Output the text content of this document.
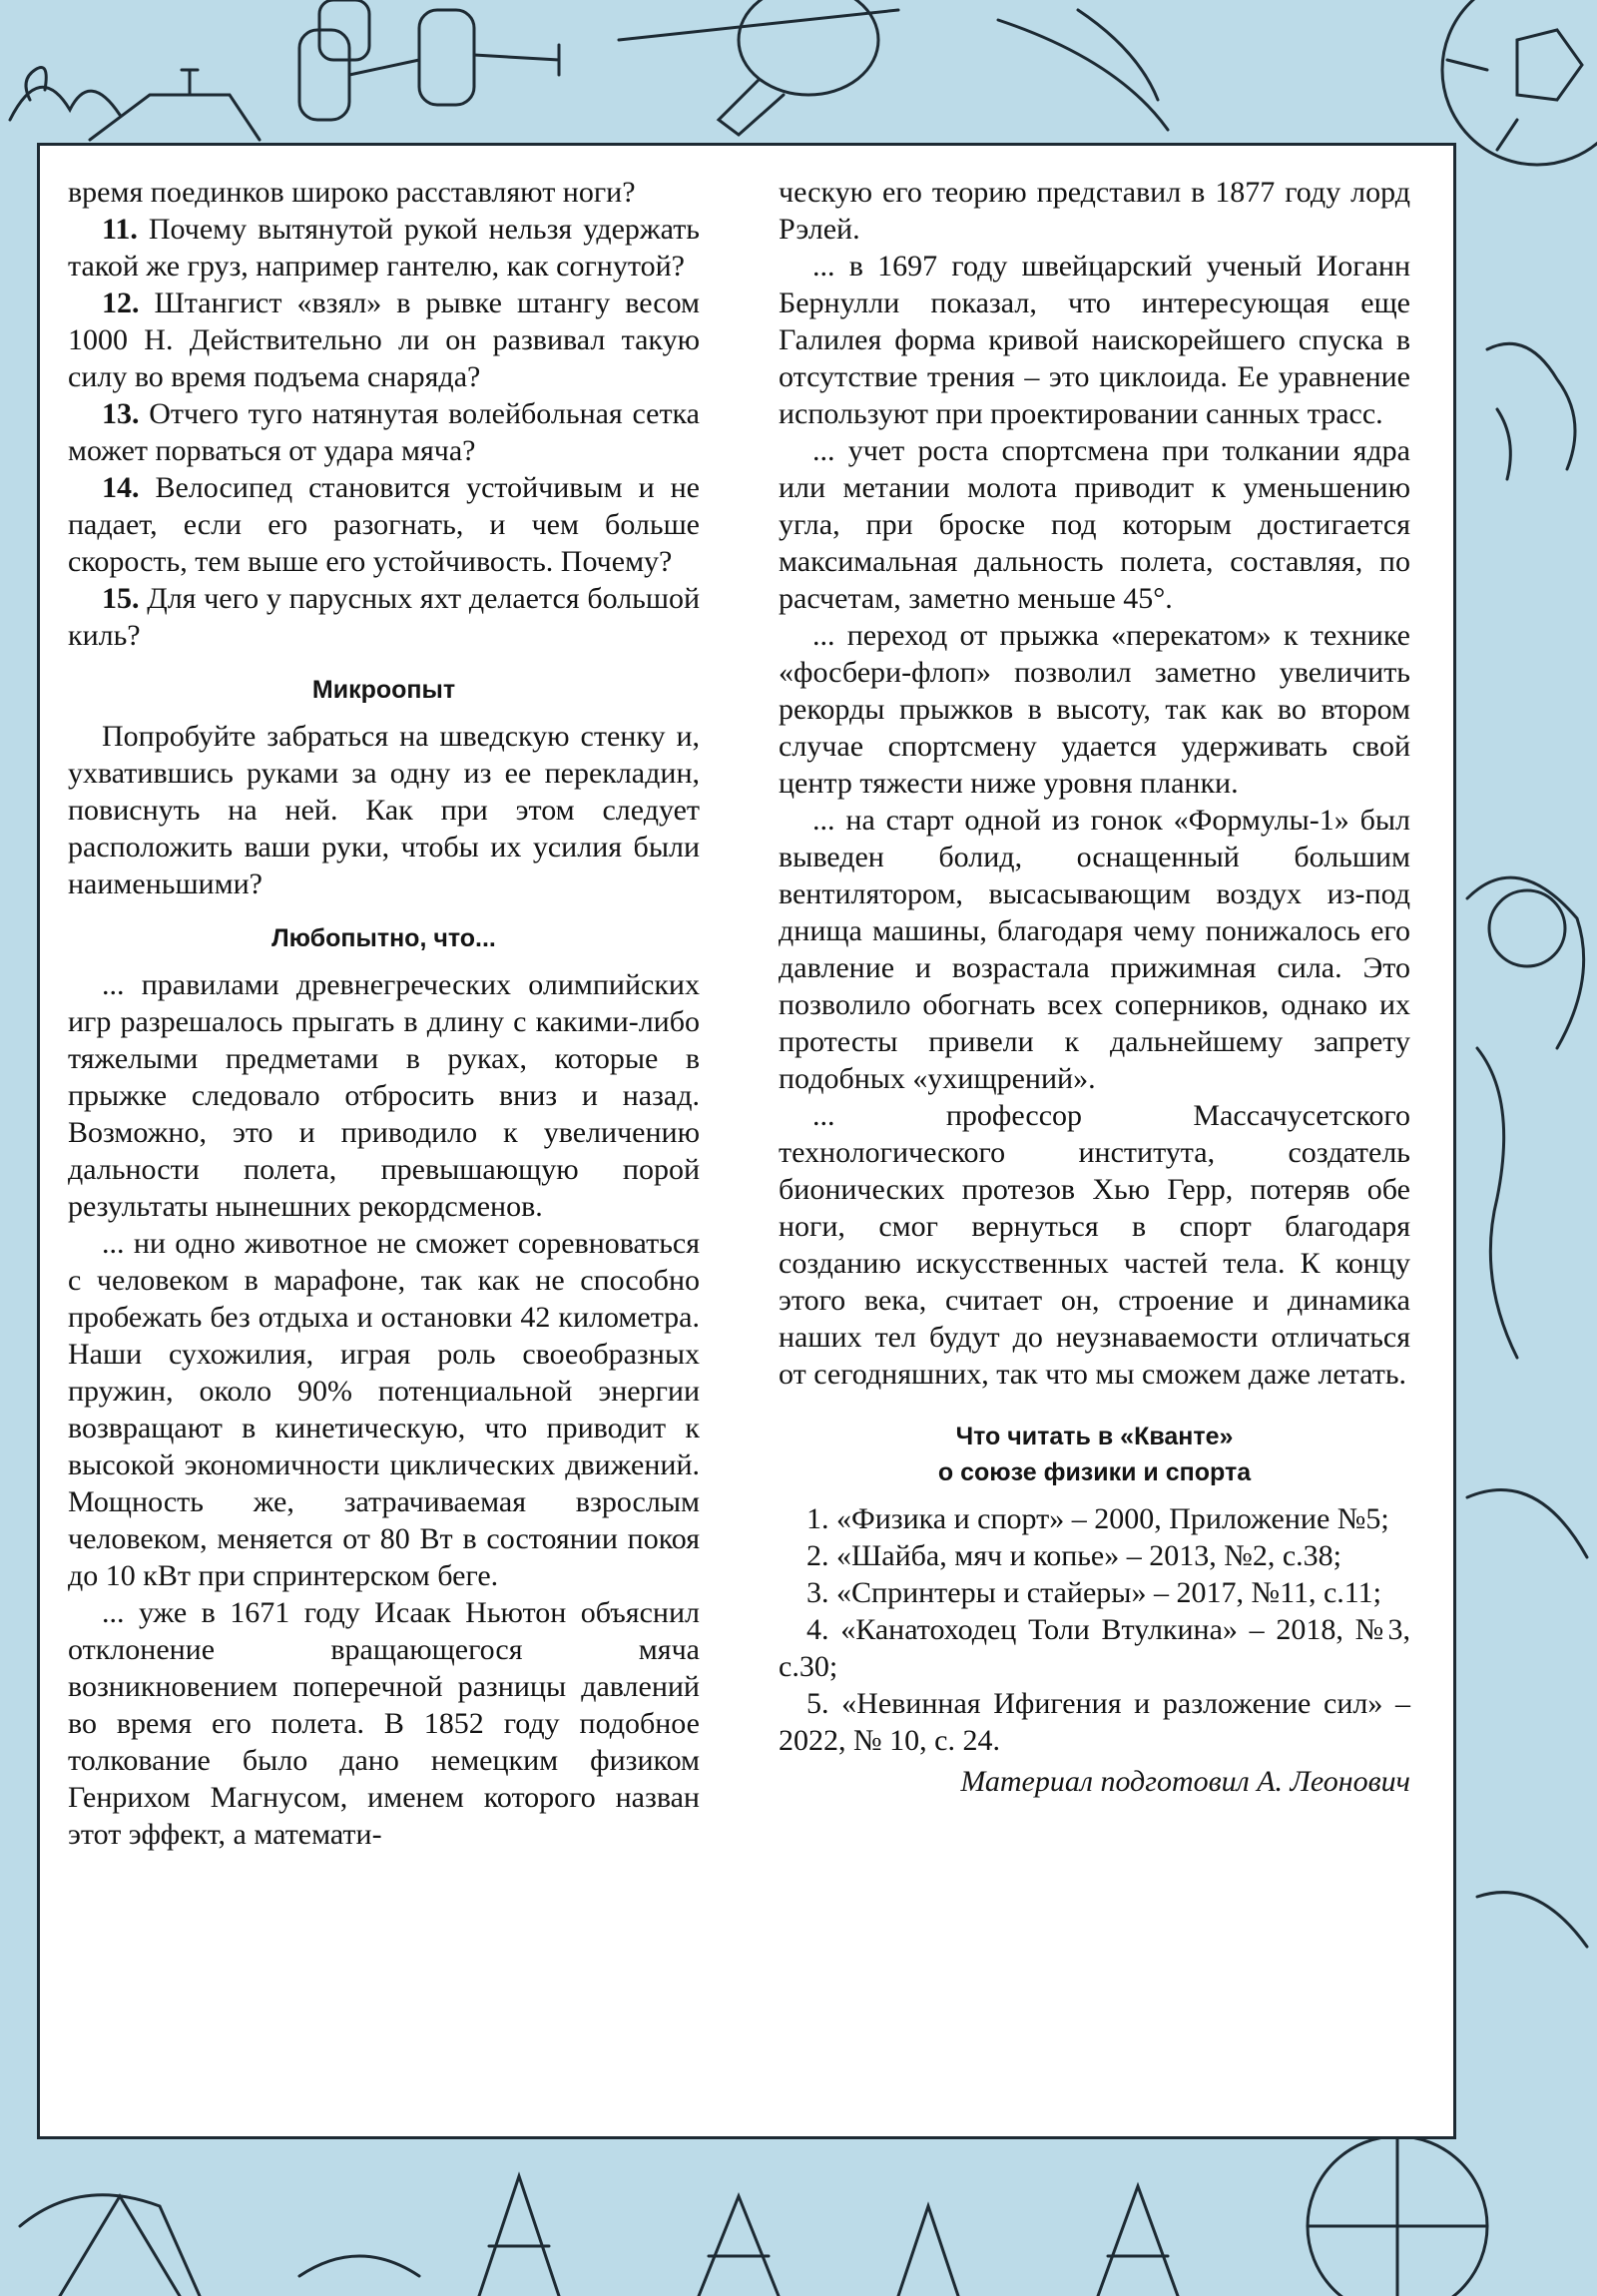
время поединков широко расставляют ноги?

11. Почему вытянутой рукой нельзя удержать такой же груз, например гантелю, как согнутой?

12. Штангист «взял» в рывке штангу весом 1000 Н. Действительно ли он развивал такую силу во время подъема снаряда?

13. Отчего туго натянутая волейбольная сетка может порваться от удара мяча?

14. Велосипед становится устойчивым и не падает, если его разогнать, и чем больше скорость, тем выше его устойчивость. Почему?

15. Для чего у парусных яхт делается большой киль?

Микроопыт

Попробуйте забраться на шведскую стенку и, ухватившись руками за одну из ее перекладин, повиснуть на ней. Как при этом следует расположить ваши руки, чтобы их усилия были наименьшими?

Любопытно, что...

... правилами древнегреческих олимпийских игр разрешалось прыгать в длину с какими-либо тяжелыми предметами в руках, которые в прыжке следовало отбросить вниз и назад. Возможно, это и приводило к увеличению дальности полета, превышающую порой результаты нынешних рекордсменов.

... ни одно животное не сможет соревноваться с человеком в марафоне, так как не способно пробежать без отдыха и остановки 42 километра. Наши сухожилия, играя роль своеобразных пружин, около 90% потенциальной энергии возвращают в кинетическую, что приводит к высокой экономичности циклических движений. Мощность же, затрачиваемая взрослым человеком, меняется от 80 Вт в состоянии покоя до 10 кВт при спринтерском беге.

... уже в 1671 году Исаак Ньютон объяснил отклонение вращающегося мяча возникновением поперечной разницы давлений во время его полета. В 1852 году подобное толкование было дано немецким физиком Генрихом Магнусом, именем которого назван этот эффект, а математи-

ческую его теорию представил в 1877 году лорд Рэлей.

... в 1697 году швейцарский ученый Иоганн Бернулли показал, что интересующая еще Галилея форма кривой наискорейшего спуска в отсутствие трения – это циклоида. Ее уравнение используют при проектировании санных трасс.

... учет роста спортсмена при толкании ядра или метании молота приводит к уменьшению угла, при броске под которым достигается максимальная дальность полета, составляя, по расчетам, заметно меньше 45°.

... переход от прыжка «перекатом» к технике «фосбери-флоп» позволил заметно увеличить рекорды прыжков в высоту, так как во втором случае спортсмену удается удерживать свой центр тяжести ниже уровня планки.

... на старт одной из гонок «Формулы-1» был выведен болид, оснащенный большим вентилятором, высасывающим воздух из-под днища машины, благодаря чему понижалось его давление и возрастала прижимная сила. Это позволило обогнать всех соперников, однако их протесты привели к дальнейшему запрету подобных «ухищрений».

... профессор Массачусетского технологического института, создатель бионических протезов Хью Герр, потеряв обе ноги, смог вернуться в спорт благодаря созданию искусственных частей тела. К концу этого века, считает он, строение и динамика наших тел будут до неузнаваемости отличаться от сегодняшних, так что мы сможем даже летать.

Что читать в «Кванте»
о союзе физики и спорта

1. «Физика и спорт» – 2000, Приложение №5;

2. «Шайба, мяч и копье» – 2013, №2, с.38;

3. «Спринтеры и стайеры» – 2017, №11, с.11;

4. «Канатоходец Толи Втулкина» – 2018, №3, с.30;

5. «Невинная Ифигения и разложение сил» – 2022, № 10, с. 24.

Материал подготовил А. Леонович
